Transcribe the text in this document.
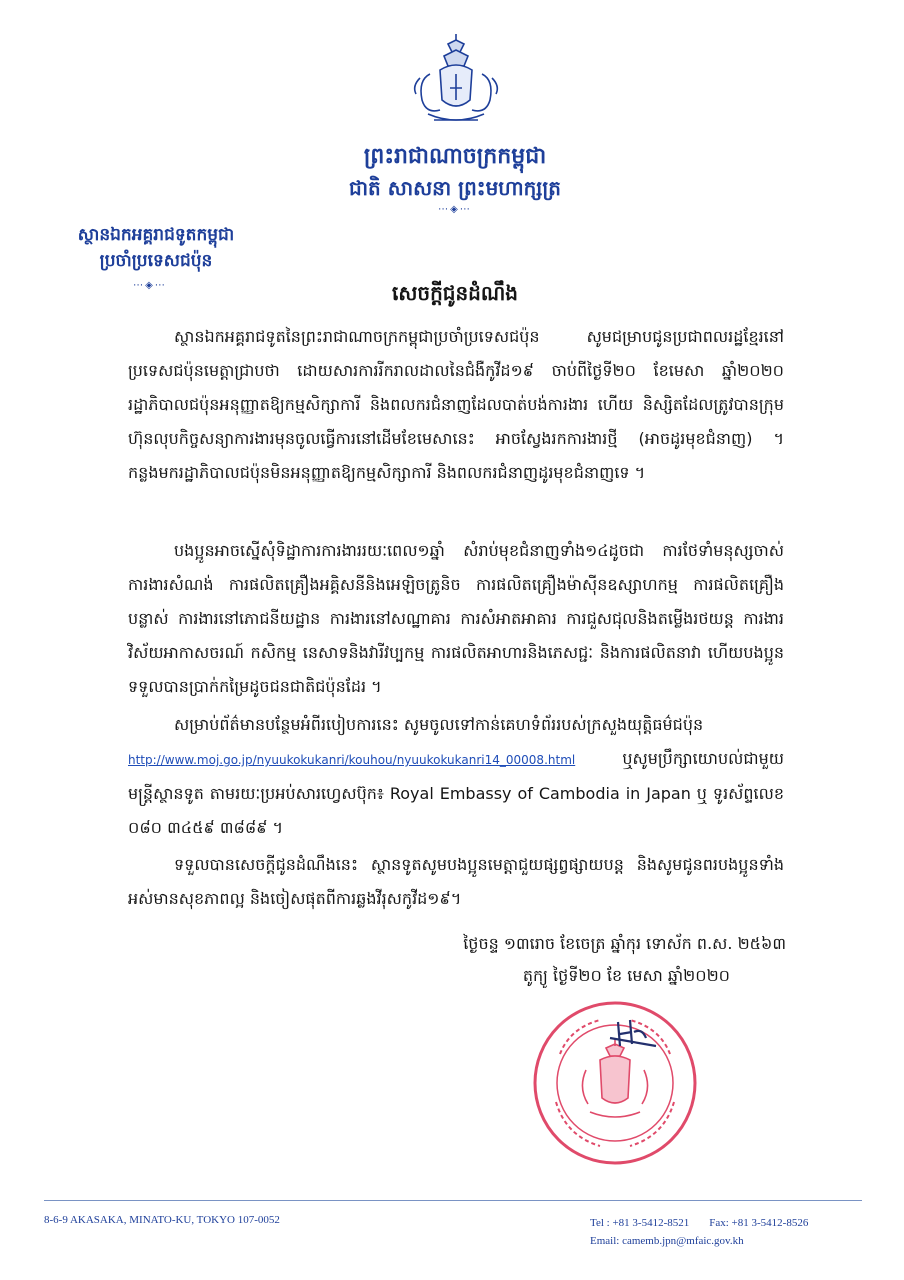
ព្រះរាជាណាចក្រកម្ពុជា
ជាតិ សាសនា ព្រះមហាក្សត្រ
⋯◈⋯
ស្ថានឯកអគ្គរាជទូតកម្ពុជា
ប្រចាំប្រទេសជប៉ុន
⋯◈⋯	សេចក្តីជូនដំណឹង
ស្ថានឯកអគ្គរាជទូតនៃព្រះរាជាណាចក្រកម្ពុជាប្រចាំប្រទេសជប៉ុន សូមជម្រាបជូនប្រជាពលរដ្ឋខ្មែរនៅប្រទេសជប៉ុនមេត្តាជ្រាបថា ដោយសារការរីករាលដាលនៃជំងឺកូវីដ១៩ ចាប់ពីថ្ងៃទី២០ ខែមេសា ឆ្នាំ២០២០ រដ្ឋាភិបាលជប៉ុនអនុញ្ញាតឱ្យកម្មសិក្សាការី និងពលករជំនាញដែលបាត់បង់ការងារ ហើយ និស្សិតដែលត្រូវបានក្រុមហ៊ុនលុបកិច្ចសន្យាការងារមុនចូលធ្វើការនៅដើមខែមេសានេះ អាចស្វែងរកការងារថ្មី (អាចដូរមុខជំនាញ) ។ កន្លងមករដ្ឋាភិបាលជប៉ុនមិនអនុញ្ញាតឱ្យកម្មសិក្សាការី និងពលករជំនាញដូរមុខជំនាញទេ ។
បងប្អូនអាចស្នើសុំទិដ្ឋាការការងាររយៈពេល១ឆ្នាំ សំរាប់មុខជំនាញទាំង១៤ដូចជា ការថែទាំមនុស្សចាស់ ការងារសំណង់ ការផលិតគ្រឿងអគ្គិសនីនិងអេឡិចត្រូនិច ការផលិតគ្រឿងម៉ាស៊ីនឧស្សាហកម្ម ការផលិតគ្រឿងបន្លាស់ ការងារនៅភោជនីយដ្ឋាន ការងារនៅសណ្ឋាគារ ការសំអាតអាគារ ការជួសជុលនិងតម្លើងរថយន្ត ការងារវិស័យអាកាសចរណ៍ កសិកម្ម នេសាទនិងវារីវប្បកម្ម ការផលិតអាហារនិងភេសជ្ជៈ និងការផលិតនាវា ហើយបងប្អូនទទួលបានប្រាក់កម្រៃដូចជនជាតិជប៉ុនដែរ ។
សម្រាប់ព័ត៌មានបន្ថែមអំពីរបៀបការនេះ សូមចូលទៅកាន់គេហទំព័ររបស់ក្រសួងយុត្តិធម៌ជប៉ុន
http://www.moj.go.jp/nyuukokukanri/kouhou/nyuukokukanri14_00008.html	ឬសូមប្រឹក្សាយោបល់ជាមួយមន្ត្រីស្ថានទូត តាមរយៈប្រអប់សារហ្វេសប៊ុក៖ Royal Embassy of Cambodia in Japan ឬ ទូរស័ព្ទលេខ ០៨០ ៣៤៥៩ ៣៨៨៩ ។
ទទួលបានសេចក្តីជូនដំណឹងនេះ ស្ថានទូតសូមបងប្អូនមេត្តាជួយផ្សព្វផ្សាយបន្ត និងសូមជូនពរបងប្អូនទាំងអស់មានសុខភាពល្អ និងចៀសផុតពីការឆ្លងវីរុសកូវីដ១៩។
ថ្ងៃចន្ទ ១៣រោច ខែចេត្រ ឆ្នាំកុរ ទោស័ក ព.ស. ២៥៦៣
តូក្យូ ថ្ងៃទី២០ ខែ មេសា ឆ្នាំ២០២០
8-6-9 AKASAKA, MINATO-KU, TOKYO 107-0052	Tel : +81 3-5412-8521 Fax: +81 3-5412-8526
Email: camemb.jpn@mfaic.gov.kh
